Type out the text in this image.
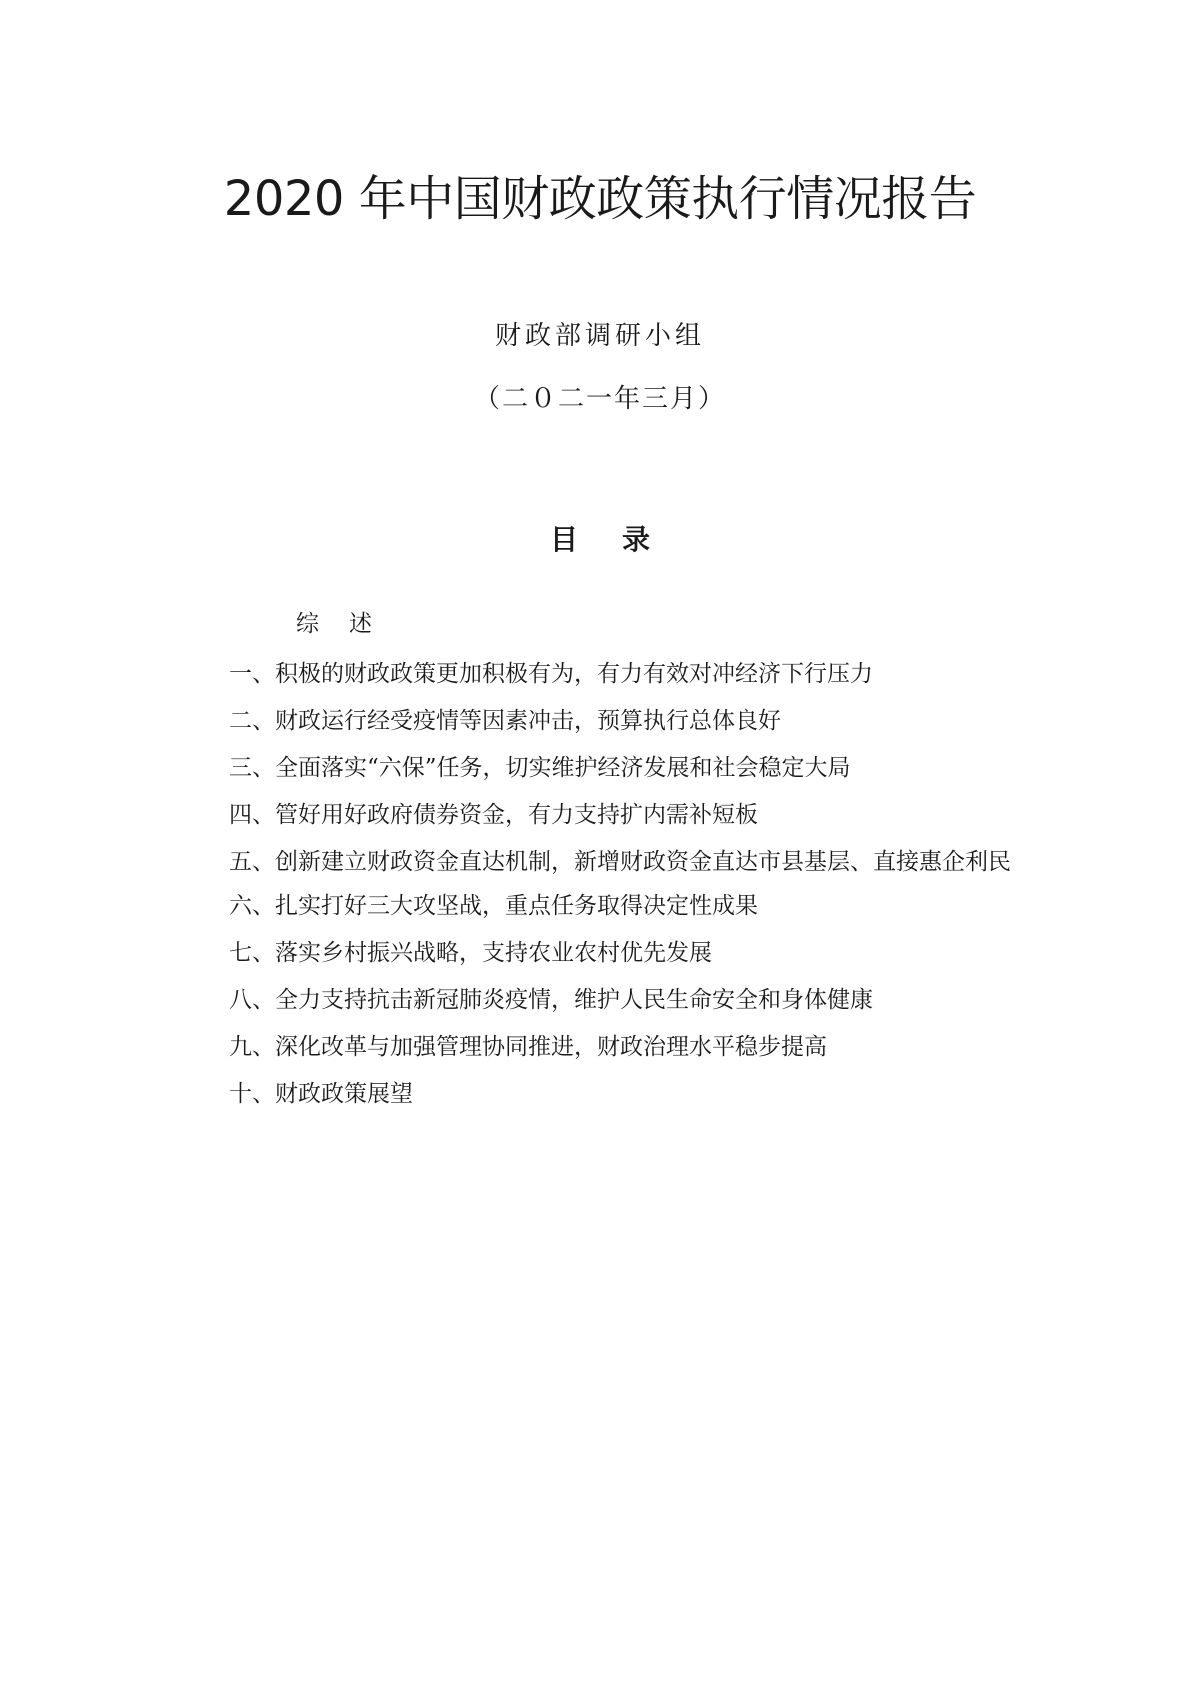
2020 年中国财政政策执行情况报告
财政部调研小组
（二０二一年三月）
目录
综述
一、积极的财政政策更加积极有为，有力有效对冲经济下行压力
二、财政运行经受疫情等因素冲击，预算执行总体良好
三、全面落实“六保”任务，切实维护经济发展和社会稳定大局
四、管好用好政府债券资金，有力支持扩内需补短板
五、创新建立财政资金直达机制，新增财政资金直达市县基层、直接惠企利民
六、扎实打好三大攻坚战，重点任务取得决定性成果
七、落实乡村振兴战略，支持农业农村优先发展
八、全力支持抗击新冠肺炎疫情，维护人民生命安全和身体健康
九、深化改革与加强管理协同推进，财政治理水平稳步提高
十、财政政策展望
